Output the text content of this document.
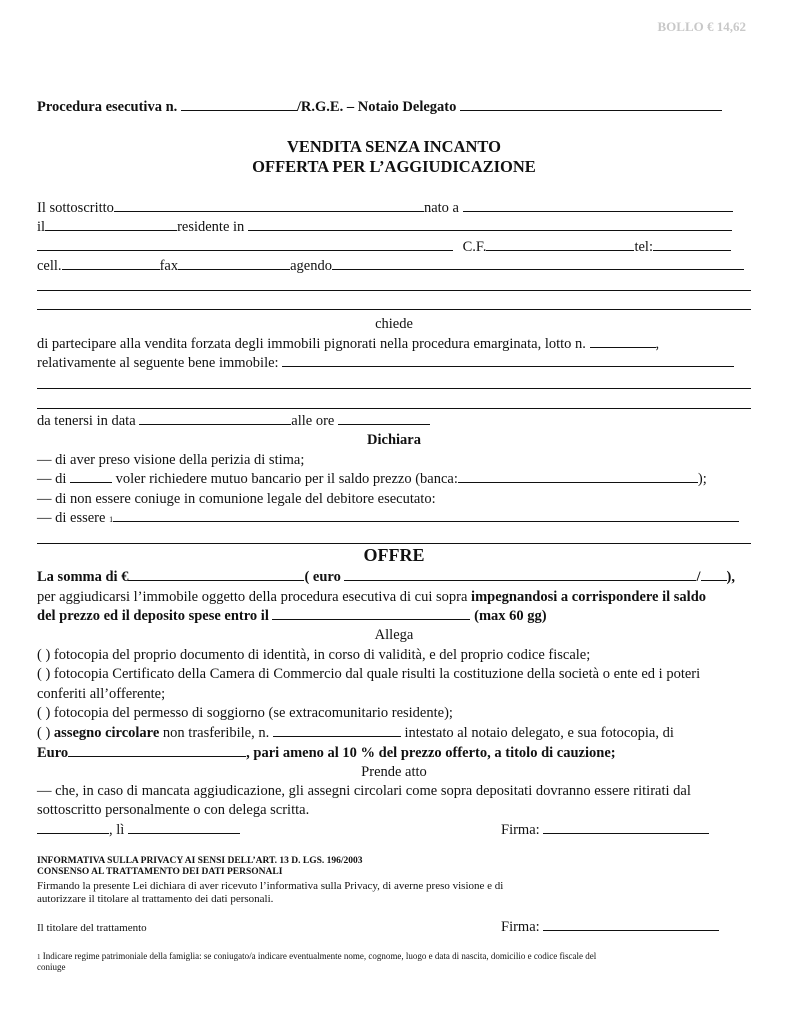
BOLLO € 14,62
Procedura esecutiva n.	/R.G.E. – Notaio Delegato
VENDITA SENZA INCANTO
OFFERTA PER L’AGGIUDICAZIONE
Il sottoscritto	nato a
il	residente in
C.F.	tel:
cell.	fax	agendo
chiede
di partecipare alla vendita forzata degli immobili pignorati nella procedura emarginata, lotto n.	,
relativamente al seguente bene immobile:
da tenersi in data	alle ore
Dichiara
— di aver preso visione della perizia di stima;
— di	voler richiedere mutuo bancario per il saldo prezzo (banca:	);
— di non essere coniuge in comunione legale del debitore esecutato:
— di essere 1
OFFRE
La somma di €	( euro	/ ),
per aggiudicarsi l’immobile oggetto della procedura esecutiva di cui sopra impegnandosi a corrispondere il saldo
del prezzo ed il deposito spese entro il	(max 60 gg)
Allega
( ) fotocopia del proprio documento di identità, in corso di validità, e del proprio codice fiscale;
( ) fotocopia Certificato della Camera di Commercio dal quale risulti la costituzione della società o ente ed i poteri
conferiti all’offerente;
( ) fotocopia del permesso di soggiorno (se extracomunitario residente);
( ) assegno circolare non trasferibile, n.	intestato al notaio delegato, e sua fotocopia, di
Euro	, pari ameno al 10 % del prezzo offerto, a titolo di cauzione;
Prende atto
— che, in caso di mancata aggiudicazione, gli assegni circolari come sopra depositati dovranno essere ritirati dal
sottoscritto personalmente o con delega scritta.
, lì	Firma:
INFORMATIVA SULLA PRIVACY AI SENSI DELL’ART. 13 D. LGS. 196/2003
CONSENSO AL TRATTAMENTO DEI DATI PERSONALI
Firmando la presente Lei dichiara di aver ricevuto l’informativa sulla Privacy, di averne preso visione e di
autorizzare il titolare al trattamento dei dati personali.
Il titolare del trattamento	Firma:
1 Indicare regime patrimoniale della famiglia: se coniugato/a indicare eventualmente nome, cognome, luogo e data di nascita, domicilio e codice fiscale del
coniuge
